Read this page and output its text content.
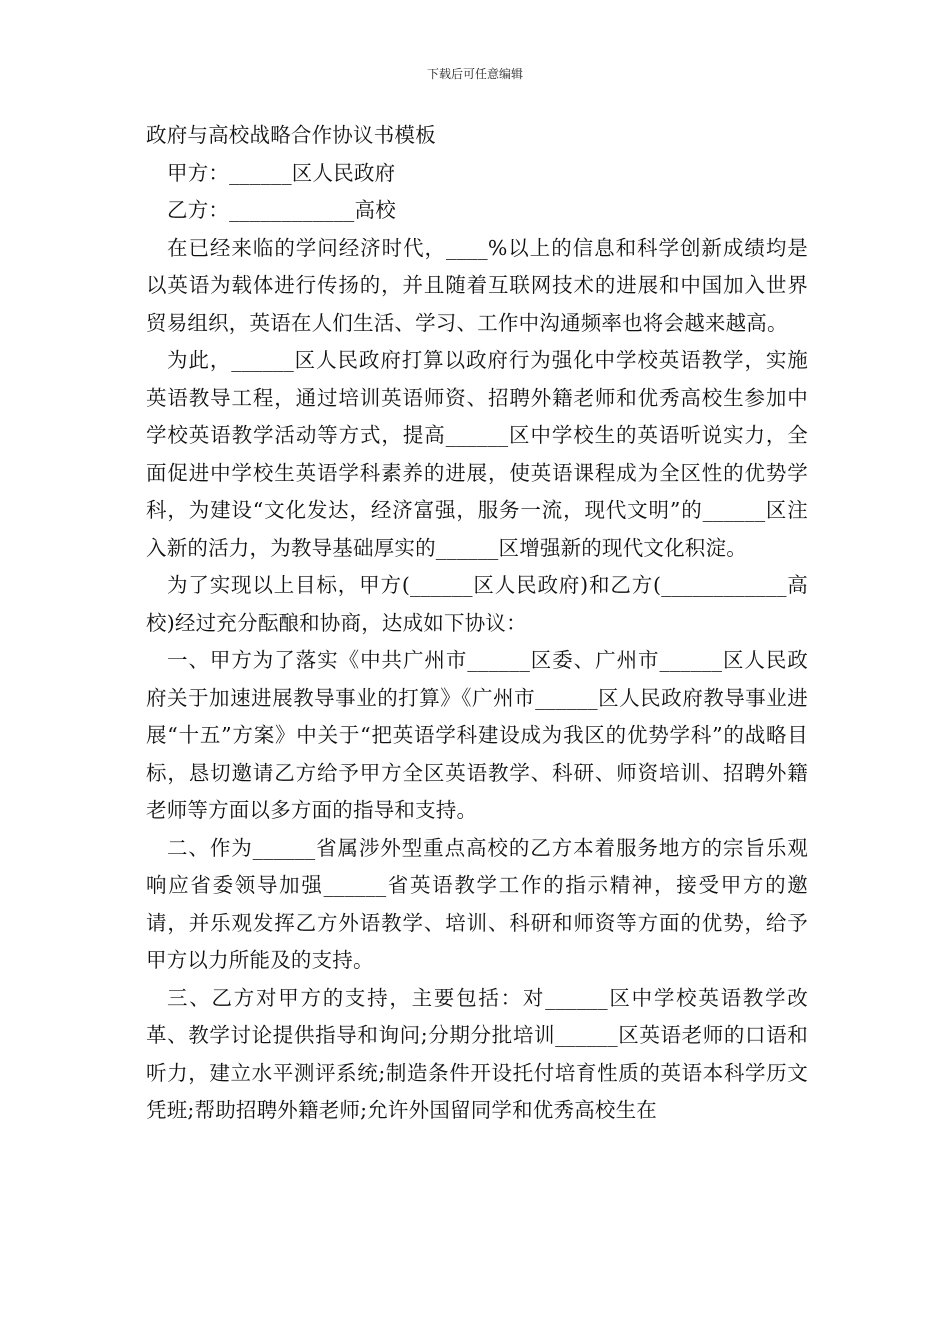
下载后可任意编辑

政府与高校战略合作协议书模板

甲方：______区人民政府

乙方：____________高校

在已经来临的学问经济时代，____%以上的信息和科学创新成绩均是以英语为载体进行传扬的，并且随着互联网技术的进展和中国加入世界贸易组织，英语在人们生活、学习、工作中沟通频率也将会越来越高。

为此，______区人民政府打算以政府行为强化中学校英语教学，实施英语教导工程，通过培训英语师资、招聘外籍老师和优秀高校生参加中学校英语教学活动等方式，提高______区中学校生的英语听说实力，全面促进中学校生英语学科素养的进展，使英语课程成为全区性的优势学科，为建设“文化发达，经济富强，服务一流，现代文明”的______区注入新的活力，为教导基础厚实的______区增强新的现代文化积淀。

为了实现以上目标，甲方(______区人民政府)和乙方(____________高校)经过充分酝酿和协商，达成如下协议：

一、甲方为了落实《中共广州市______区委、广州市______区人民政府关于加速进展教导事业的打算》《广州市______区人民政府教导事业进展“十五”方案》中关于“把英语学科建设成为我区的优势学科”的战略目标，恳切邀请乙方给予甲方全区英语教学、科研、师资培训、招聘外籍老师等方面以多方面的指导和支持。

二、作为______省属涉外型重点高校的乙方本着服务地方的宗旨乐观响应省委领导加强______省英语教学工作的指示精神，接受甲方的邀请，并乐观发挥乙方外语教学、培训、科研和师资等方面的优势，给予甲方以力所能及的支持。

三、乙方对甲方的支持，主要包括：对______区中学校英语教学改革、教学讨论提供指导和询问;分期分批培训______区英语老师的口语和听力，建立水平测评系统;制造条件开设托付培育性质的英语本科学历文凭班;帮助招聘外籍老师;允许外国留同学和优秀高校生在
